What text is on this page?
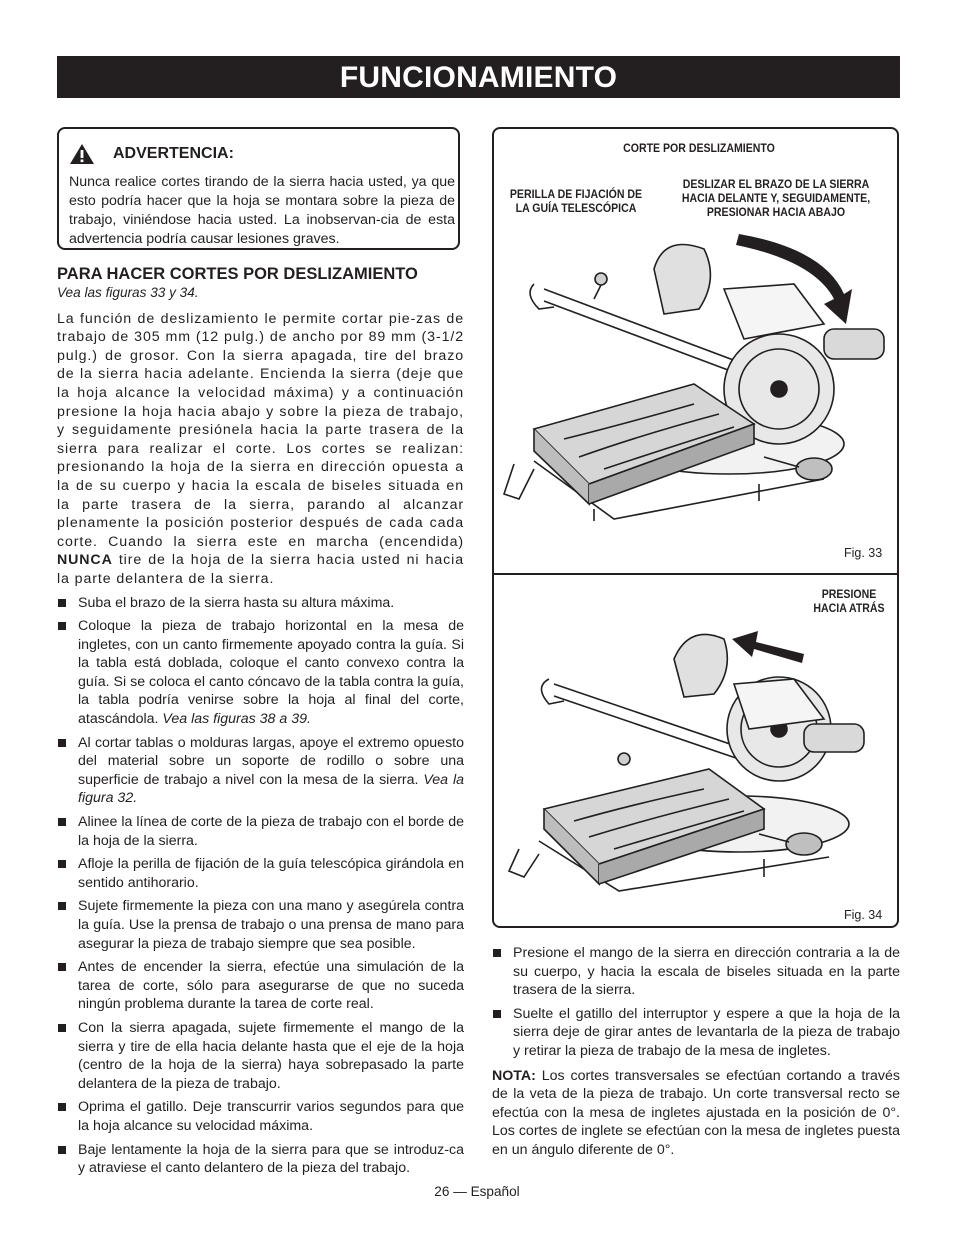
FUNCIONAMIENTO
ADVERTENCIA:
Nunca realice cortes tirando de la sierra hacia usted, ya que esto podría hacer que la hoja se montara sobre la pieza de trabajo, viniéndose hacia usted. La inobservan-cia de esta advertencia podría causar lesiones graves.
PARA HACER CORTES POR DESLIZAMIENTO
Vea las figuras 33 y 34.

La función de deslizamiento le permite cortar pie-zas de trabajo de 305 mm (12 pulg.) de ancho por 89 mm (3-1/2 pulg.) de grosor. Con la sierra apagada, tire del brazo de la sierra hacia adelante. Encienda la sierra (deje que la hoja alcance la velocidad máxima) y a continuación presione la hoja hacia abajo y sobre la pieza de trabajo, y seguidamente presiónela hacia la parte trasera de la sierra para realizar el corte. Los cortes se realizan: presionando la hoja de la sierra en dirección opuesta a la de su cuerpo y hacia la escala de biseles situada en la parte trasera de la sierra, parando al alcanzar plenamente la posición posterior después de cada cada corte. Cuando la sierra este en marcha (encendida) NUNCA tire de la hoja de la sierra hacia usted ni hacia la parte delantera de la sierra.

Suba el brazo de la sierra hasta su altura máxima.
Coloque la pieza de trabajo horizontal en la mesa de ingletes, con un canto firmemente apoyado contra la guía. Si la tabla está doblada, coloque el canto convexo contra la guía. Si se coloca el canto cóncavo de la tabla contra la guía, la tabla podría venirse sobre la hoja al final del corte, atascándola. Vea las figuras 38 a 39.
Al cortar tablas o molduras largas, apoye el extremo opuesto del material sobre un soporte de rodillo o sobre una superficie de trabajo a nivel con la mesa de la sierra. Vea la figura 32.
Alinee la línea de corte de la pieza de trabajo con el borde de la hoja de la sierra.
Afloje la perilla de fijación de la guía telescópica girándola en sentido antihorario.
Sujete firmemente la pieza con una mano y asegúrela contra la guía. Use la prensa de trabajo o una prensa de mano para asegurar la pieza de trabajo siempre que sea posible.
Antes de encender la sierra, efectúe una simulación de la tarea de corte, sólo para asegurarse de que no suceda ningún problema durante la tarea de corte real.
Con la sierra apagada, sujete firmemente el mango de la sierra y tire de ella hacia delante hasta que el eje de la hoja (centro de la hoja de la sierra) haya sobrepasado la parte delantera de la pieza de trabajo.
Oprima el gatillo. Deje transcurrir varios segundos para que la hoja alcance su velocidad máxima.
Baje lentamente la hoja de la sierra para que se introduz-ca y atraviese el canto delantero de la pieza del trabajo.
CORTE POR DESLIZAMIENTO
PERILLA DE FIJACIÓN DE LA GUÍA TELESCÓPICA
DESLIZAR EL BRAZO DE LA SIERRA HACIA DELANTE Y, SEGUIDAMENTE, PRESIONAR HACIA ABAJO
Fig. 33
PRESIONE HACIA ATRÁS
Fig. 34
Presione el mango de la sierra en dirección contraria a la de su cuerpo, y hacia la escala de biseles situada en la parte trasera de la sierra.
Suelte el gatillo del interruptor y espere a que la hoja de la sierra deje de girar antes de levantarla de la pieza de trabajo y retirar la pieza de trabajo de la mesa de ingletes.

NOTA: Los cortes transversales se efectúan cortando a través de la veta de la pieza de trabajo. Un corte transversal recto se efectúa con la mesa de ingletes ajustada en la posición de 0°. Los cortes de inglete se efectúan con la mesa de ingletes puesta en un ángulo diferente de 0°.

26 — Español
